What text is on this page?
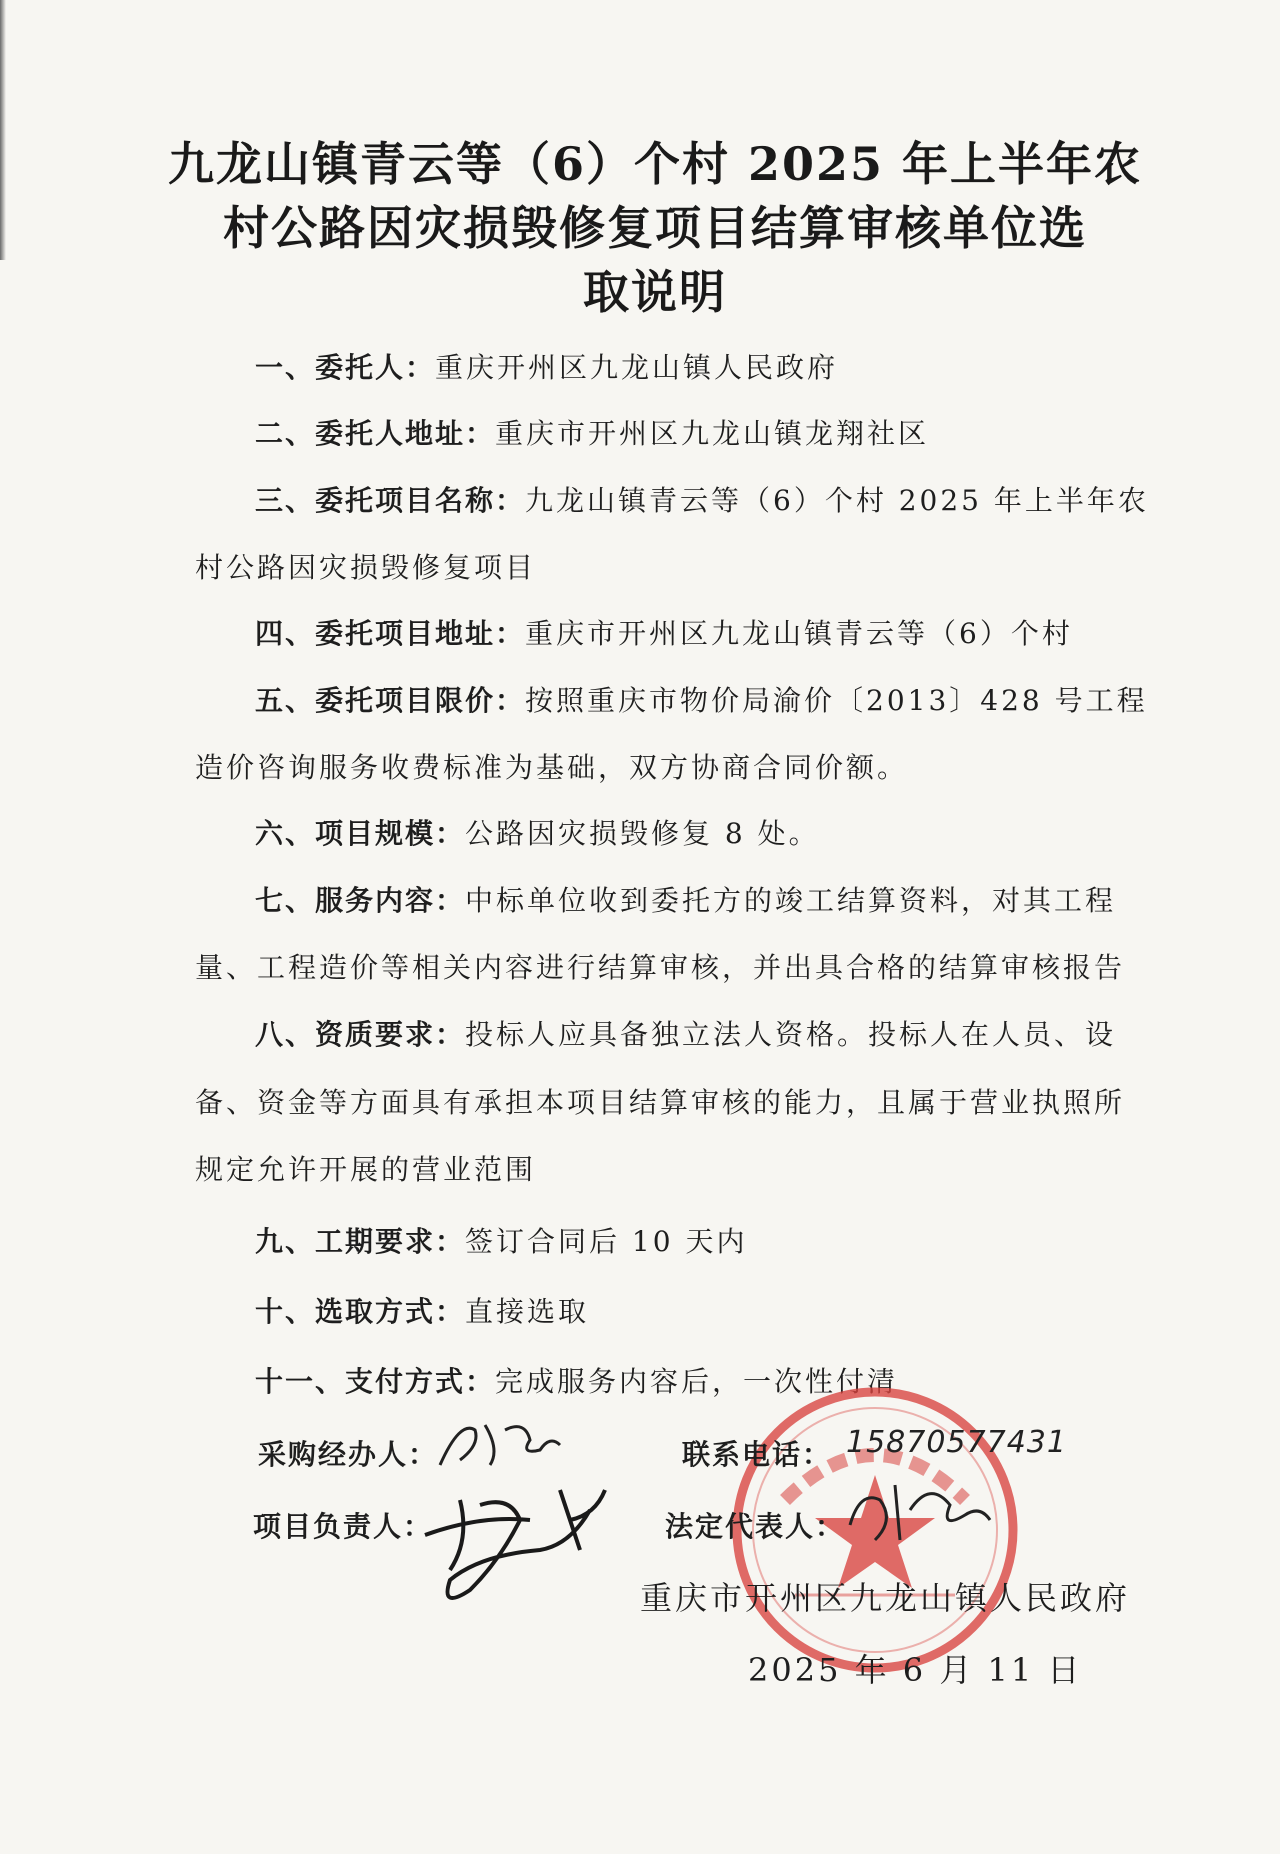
九龙山镇青云等（6）个村 2025 年上半年农
村公路因灾损毁修复项目结算审核单位选
取说明
一、委托人：重庆开州区九龙山镇人民政府
二、委托人地址：重庆市开州区九龙山镇龙翔社区
三、委托项目名称：九龙山镇青云等（6）个村 2025 年上半年农
村公路因灾损毁修复项目
四、委托项目地址：重庆市开州区九龙山镇青云等（6）个村
五、委托项目限价：按照重庆市物价局渝价〔2013〕428 号工程
造价咨询服务收费标准为基础，双方协商合同价额。
六、项目规模：公路因灾损毁修复 8 处。
七、服务内容：中标单位收到委托方的竣工结算资料，对其工程
量、工程造价等相关内容进行结算审核，并出具合格的结算审核报告
八、资质要求：投标人应具备独立法人资格。投标人在人员、设
备、资金等方面具有承担本项目结算审核的能力，且属于营业执照所
规定允许开展的营业范围
九、工期要求：签订合同后 10 天内
十、选取方式：直接选取
十一、支付方式：完成服务内容后，一次性付清
采购经办人：	联系电话： 15870577431
项目负责人：	法定代表人：
重庆市开州区九龙山镇人民政府
2025 年 6 月 11 日
